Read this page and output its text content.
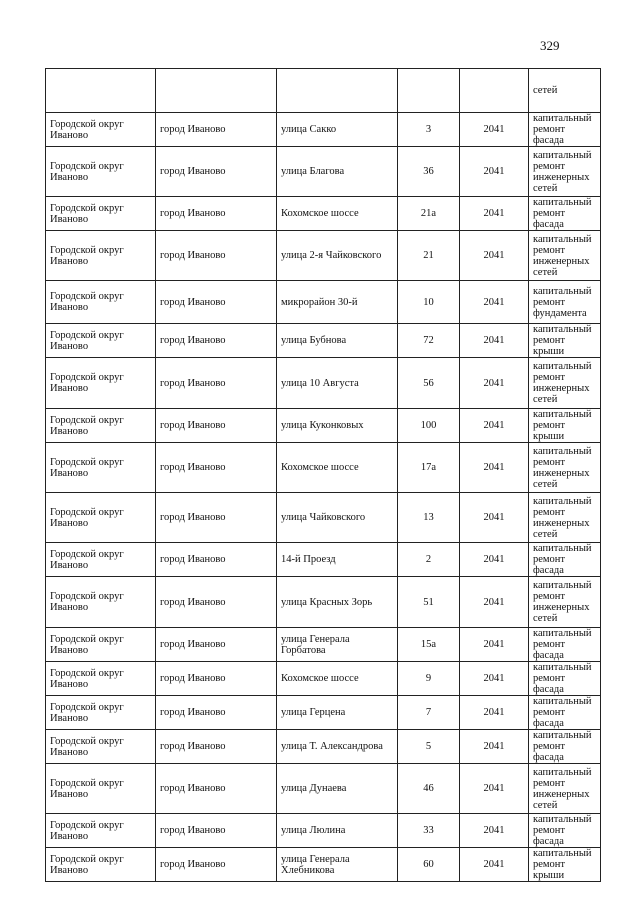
329
					сетей
Городской округ Иваново	город Иваново	улица Сакко	3	2041	капитальный ремонт фасада
Городской округ Иваново	город Иваново	улица Благова	36	2041	капитальный ремонт инженерных сетей
Городской округ Иваново	город Иваново	Кохомское шоссе	21а	2041	капитальный ремонт фасада
Городской округ Иваново	город Иваново	улица 2-я Чайковского	21	2041	капитальный ремонт инженерных сетей
Городской округ Иваново	город Иваново	микрорайон 30-й	10	2041	капитальный ремонт фундамента
Городской округ Иваново	город Иваново	улица Бубнова	72	2041	капитальный ремонт крыши
Городской округ Иваново	город Иваново	улица 10 Августа	56	2041	капитальный ремонт инженерных сетей
Городской округ Иваново	город Иваново	улица Куконковых	100	2041	капитальный ремонт крыши
Городской округ Иваново	город Иваново	Кохомское шоссе	17а	2041	капитальный ремонт инженерных сетей
Городской округ Иваново	город Иваново	улица Чайковского	13	2041	капитальный ремонт инженерных сетей
Городской округ Иваново	город Иваново	14-й Проезд	2	2041	капитальный ремонт фасада
Городской округ Иваново	город Иваново	улица Красных Зорь	51	2041	капитальный ремонт инженерных сетей
Городской округ Иваново	город Иваново	улица Генерала Горбатова	15а	2041	капитальный ремонт фасада
Городской округ Иваново	город Иваново	Кохомское шоссе	9	2041	капитальный ремонт фасада
Городской округ Иваново	город Иваново	улица Герцена	7	2041	капитальный ремонт фасада
Городской округ Иваново	город Иваново	улица Т. Александрова	5	2041	капитальный ремонт фасада
Городской округ Иваново	город Иваново	улица Дунаева	46	2041	капитальный ремонт инженерных сетей
Городской округ Иваново	город Иваново	улица Люлина	33	2041	капитальный ремонт фасада
Городской округ Иваново	город Иваново	улица Генерала Хлебникова	60	2041	капитальный ремонт крыши
